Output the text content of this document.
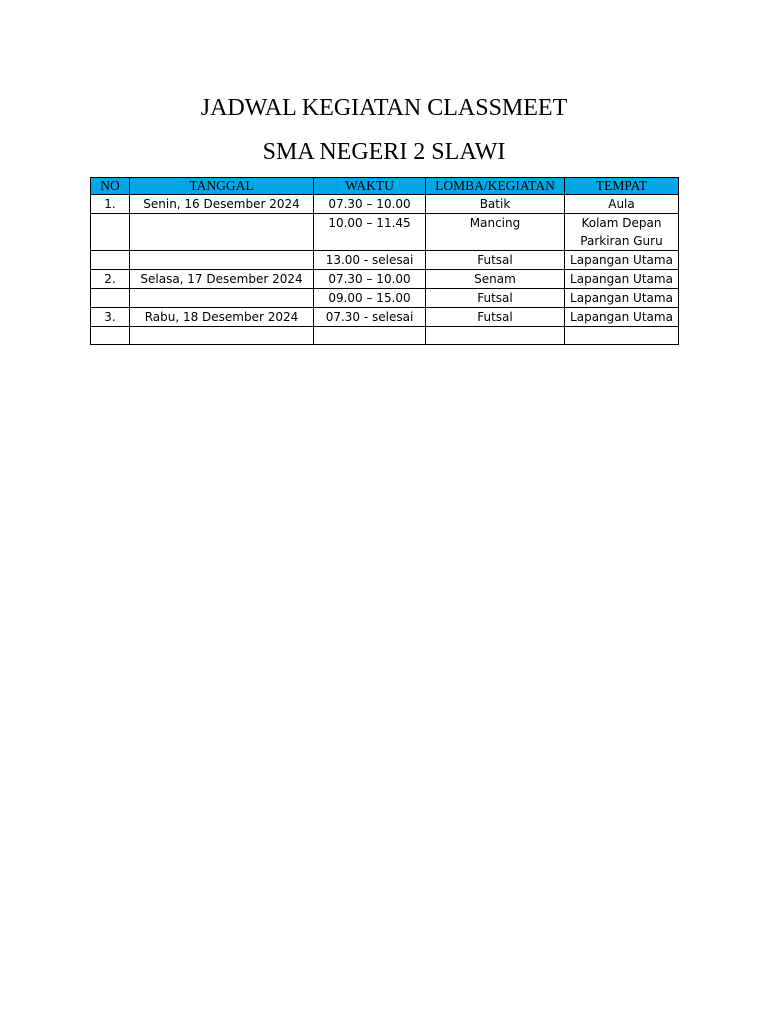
JADWAL KEGIATAN CLASSMEET
SMA NEGERI 2 SLAWI
NO	TANGGAL	WAKTU	LOMBA/KEGIATAN	TEMPAT
1.	Senin, 16 Desember 2024	07.30 – 10.00	Batik	Aula
		10.00 – 11.45	Mancing	Kolam Depan Parkiran Guru
		13.00 - selesai	Futsal	Lapangan Utama
2.	Selasa, 17 Desember 2024	07.30 – 10.00	Senam	Lapangan Utama
		09.00 – 15.00	Futsal	Lapangan Utama
3.	Rabu, 18 Desember 2024	07.30 - selesai	Futsal	Lapangan Utama
